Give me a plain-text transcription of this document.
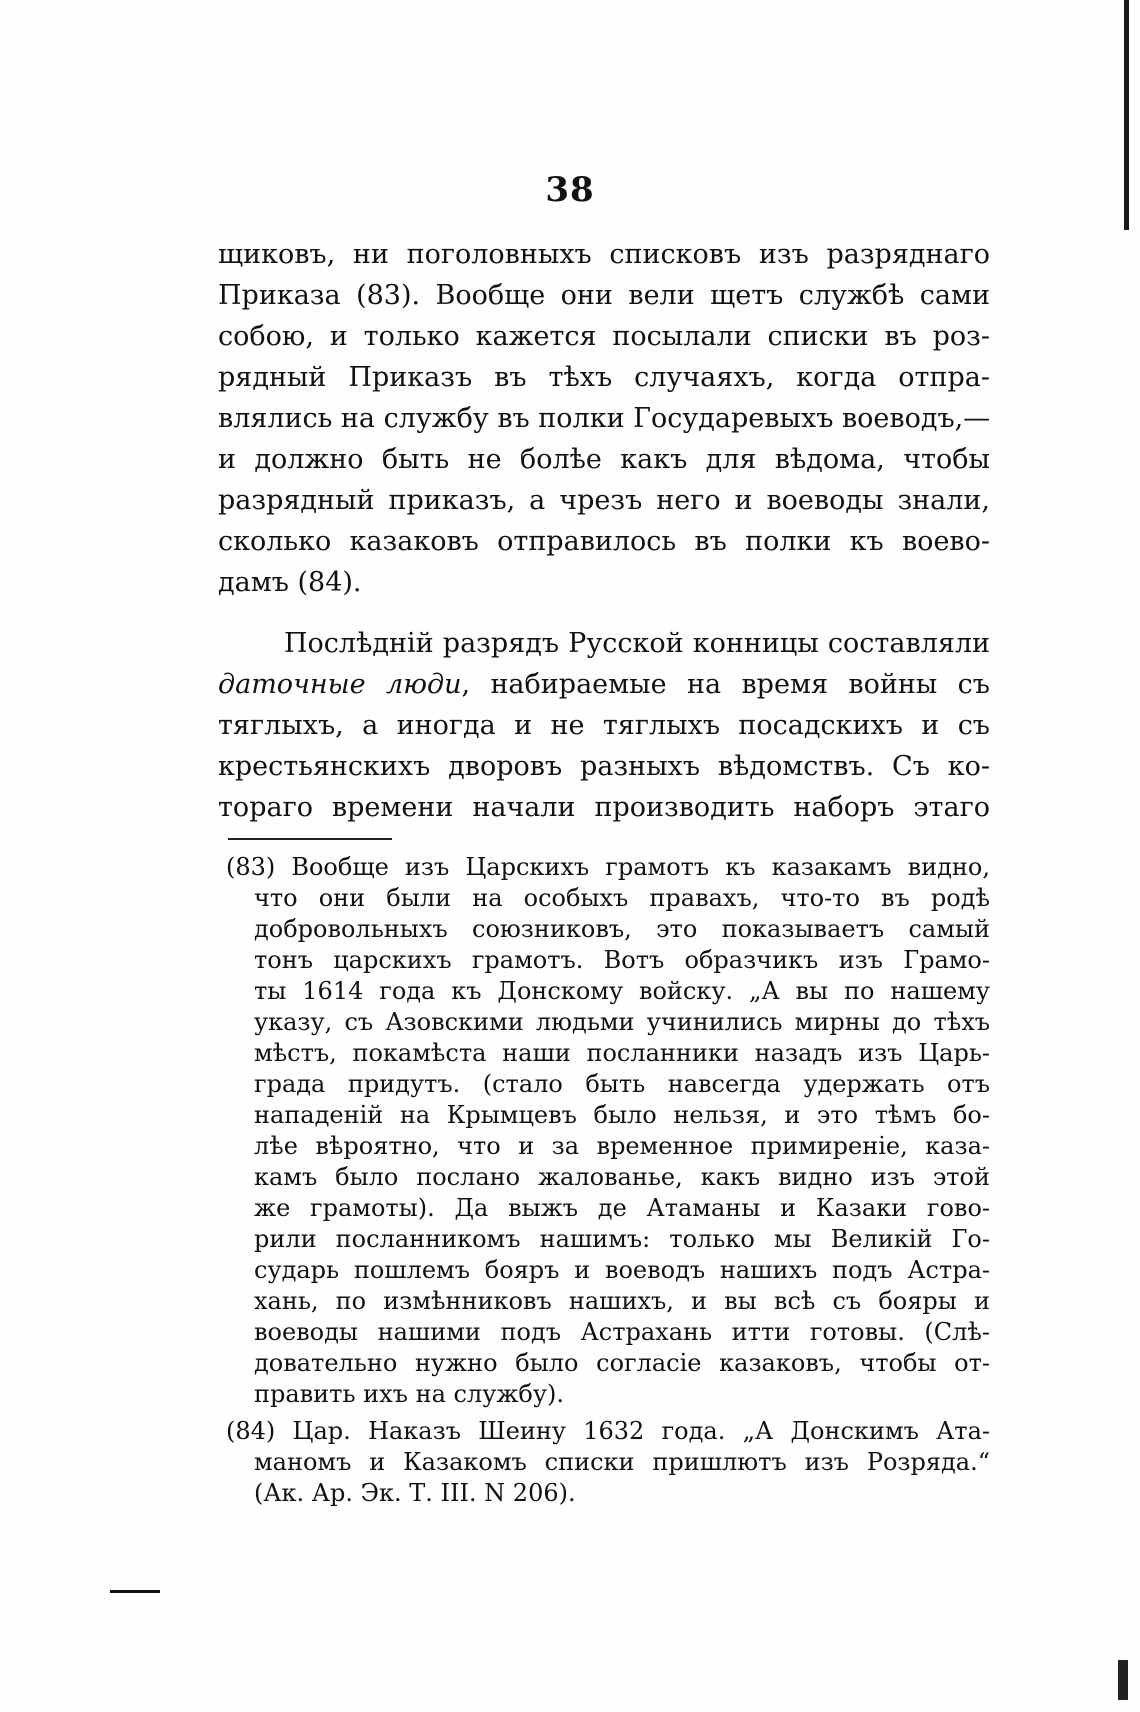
38
щиковъ, ни поголовныхъ списковъ изъ разряднаго
Приказа (83). Вообще они вели щетъ службѣ сами
собою, и только кажется посылали списки въ роз-
рядный Приказъ въ тѣхъ случаяхъ, когда отпра-
влялись на службу въ полки Государевыхъ воеводъ,—
и должно быть не болѣе какъ для вѣдома, чтобы
разрядный приказъ, а чрезъ него и воеводы знали,
сколько казаковъ отправилось въ полки къ воево-
дамъ (84).
Послѣдній разрядъ Русской конницы составляли
даточные люди, набираемые на время войны съ
тяглыхъ, а иногда и не тяглыхъ посадскихъ и съ
крестьянскихъ дворовъ разныхъ вѣдомствъ. Съ ко-
тораго времени начали производить наборъ этаго
(83) Вообще изъ Царскихъ грамотъ къ казакамъ видно,
что они были на особыхъ правахъ, что-то въ родѣ
добровольныхъ союзниковъ, это показываетъ самый
тонъ царскихъ грамотъ. Вотъ образчикъ изъ Грамо-
ты 1614 года къ Донскому войску. „А вы по нашему
указу, съ Азовскими людьми учинились мирны до тѣхъ
мѣстъ, покамѣста наши посланники назадъ изъ Царь-
града придутъ. (стало быть навсегда удержать отъ
нападеній на Крымцевъ было нельзя, и это тѣмъ бо-
лѣе вѣроятно, что и за временное примиреніе, каза-
камъ было послано жалованье, какъ видно изъ этой
же грамоты). Да выжъ де Атаманы и Казаки гово-
рили посланникомъ нашимъ: только мы Великій Го-
сударь пошлемъ бояръ и воеводъ нашихъ подъ Астра-
хань, по измѣнниковъ нашихъ, и вы всѣ съ бояры и
воеводы нашими подъ Астрахань итти готовы. (Слѣ-
довательно нужно было согласіе казаковъ, чтобы от-
править ихъ на службу).
(84) Цар. Наказъ Шеину 1632 года. „А Донскимъ Ата-
маномъ и Казакомъ списки пришлютъ изъ Розряда.“
(Ак. Ар. Эк. Т. III. N 206).
